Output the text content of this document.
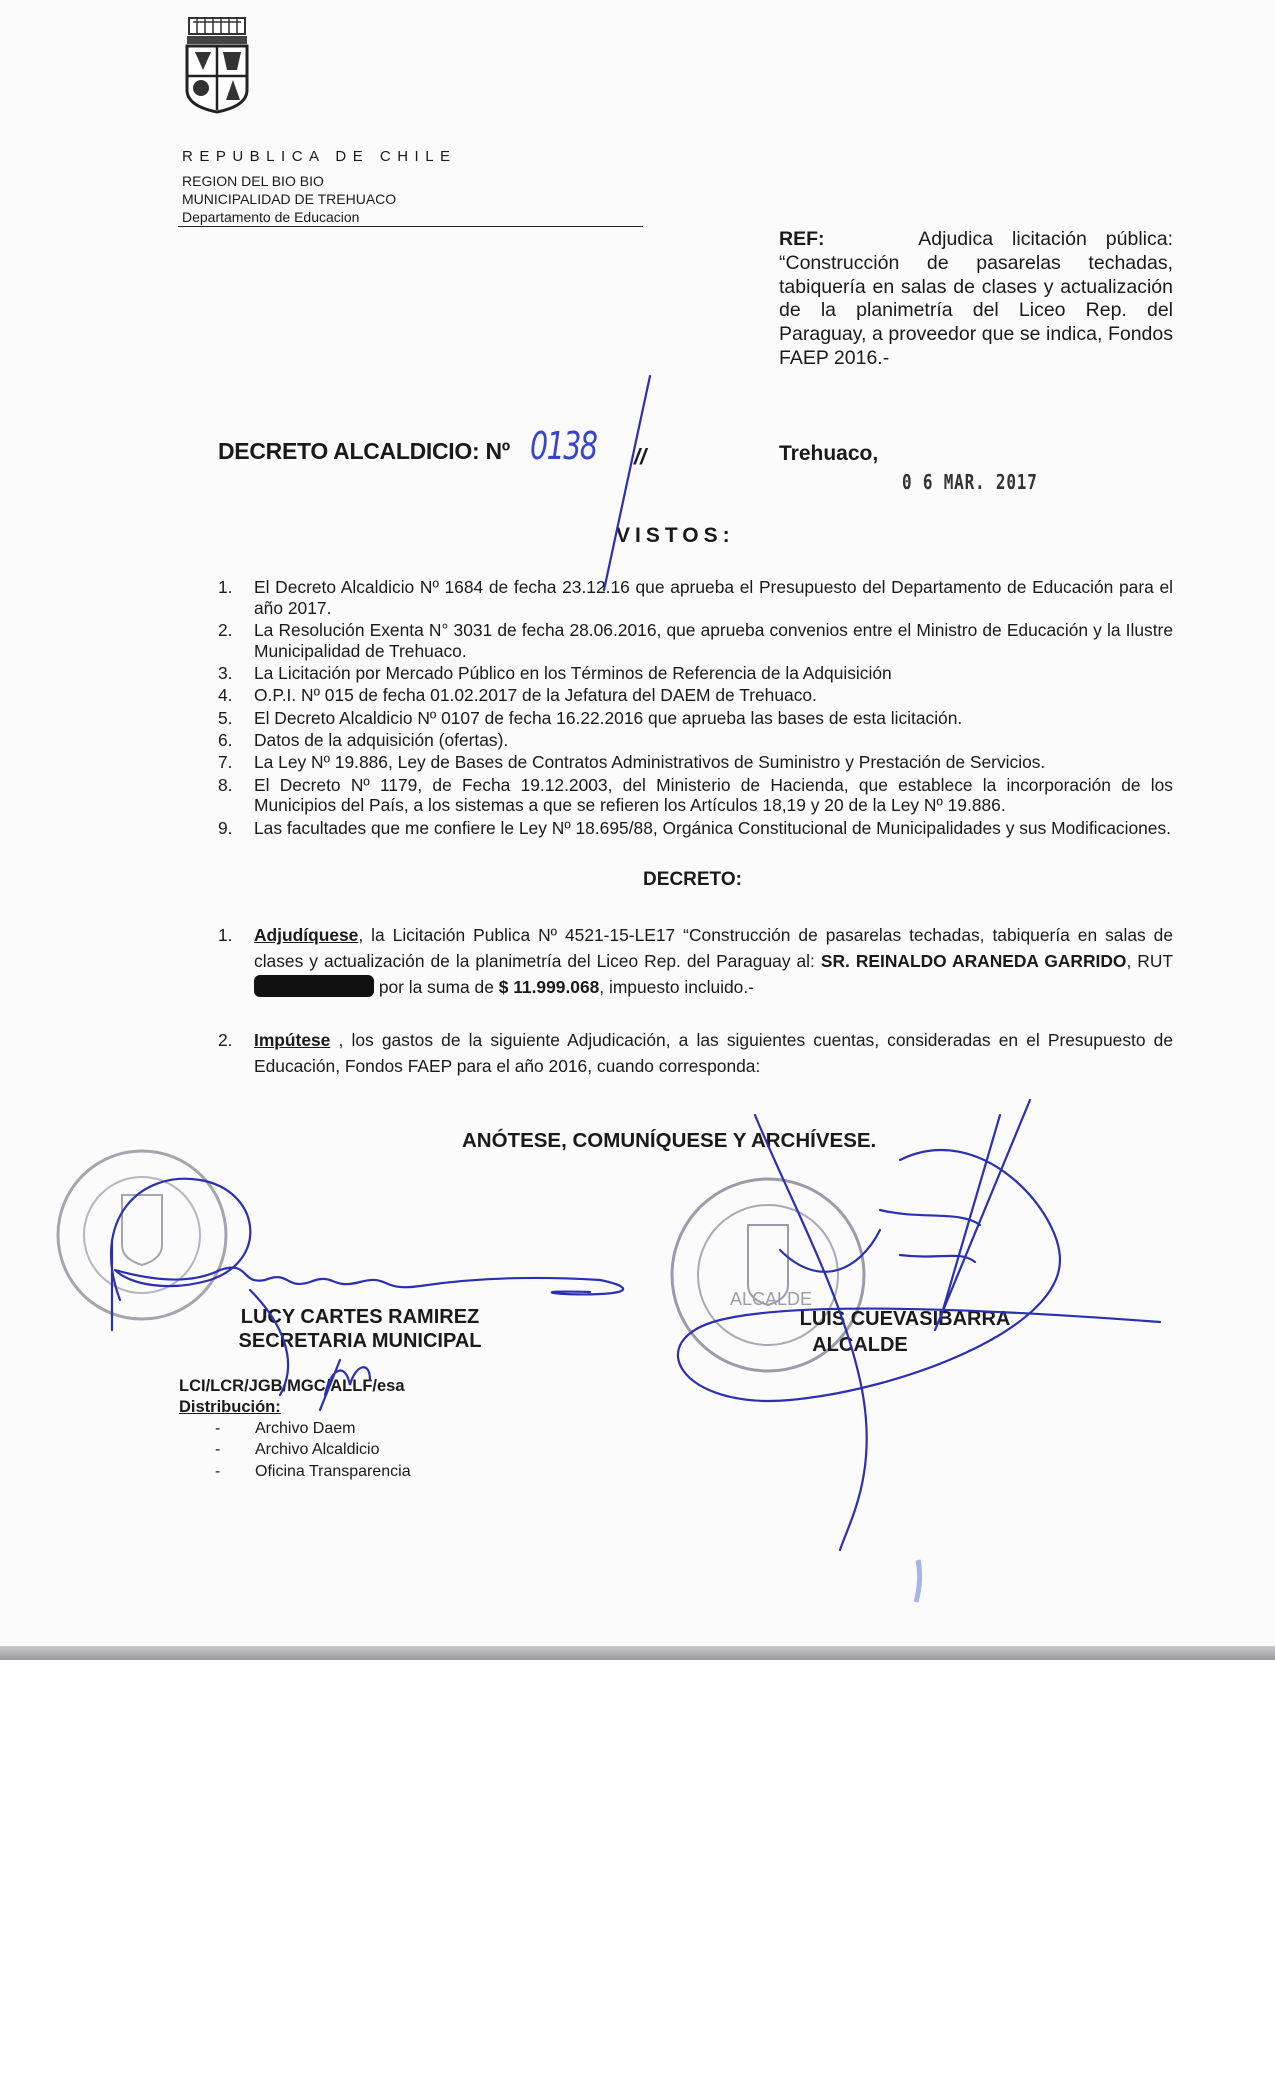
REPUBLICA DE CHILE
REGION DEL BIO BIO
MUNICIPALIDAD DE TREHUACO
Departamento de Educacion
REF:	Adjudica licitación pública: “Construcción de pasarelas techadas, tabiquería en salas de clases y actualización de la planimetría del Liceo Rep. del Paraguay, a proveedor que se indica, Fondos FAEP 2016.-
DECRETO ALCALDICIO: Nº 0138 //	Trehuaco,
0 6 MAR. 2017
VISTOS:
1.	El Decreto Alcaldicio Nº 1684 de fecha 23.12.16 que aprueba el Presupuesto del Departamento de Educación para el año 2017.
2.	La Resolución Exenta N° 3031 de fecha 28.06.2016, que aprueba convenios entre el Ministro de Educación y la Ilustre Municipalidad de Trehuaco.
3.	La Licitación por Mercado Público en los Términos de Referencia de la Adquisición
4.	O.P.I. Nº 015 de fecha 01.02.2017 de la Jefatura del DAEM de Trehuaco.
5.	El Decreto Alcaldicio Nº 0107 de fecha 16.22.2016 que aprueba las bases de esta licitación.
6.	Datos de la adquisición (ofertas).
7.	La Ley Nº 19.886, Ley de Bases de Contratos Administrativos de Suministro y Prestación de Servicios.
8.	El Decreto Nº 1179, de Fecha 19.12.2003, del Ministerio de Hacienda, que establece la incorporación de los Municipios del País, a los sistemas a que se refieren los Artículos 18,19 y 20 de la Ley Nº 19.886.
9.	Las facultades que me confiere le Ley Nº 18.695/88, Orgánica Constitucional de Municipalidades y sus Modificaciones.
DECRETO:
1.	Adjudíquese, la Licitación Publica Nº 4521-15-LE17 “Construcción de pasarelas techadas, tabiquería en salas de clases y actualización de la planimetría del Liceo Rep. del Paraguay al: SR. REINALDO ARANEDA GARRIDO, RUT por la suma de $ 11.999.068, impuesto incluido.-
2.	Impútese , los gastos de la siguiente Adjudicación, a las siguientes cuentas, consideradas en el Presupuesto de Educación, Fondos FAEP para el año 2016, cuando corresponda:
ANÓTESE, COMUNÍQUESE Y ARCHÍVESE.
ALCALDE
LUCY CARTES RAMIREZ
SECRETARIA MUNICIPAL
LUIS CUEVASIBARRA
ALCALDE
LCI/LCR/JGB/MGC/ALLF/esa
Distribución:
- Archivo Daem
- Archivo Alcaldicio
- Oficina Transparencia
